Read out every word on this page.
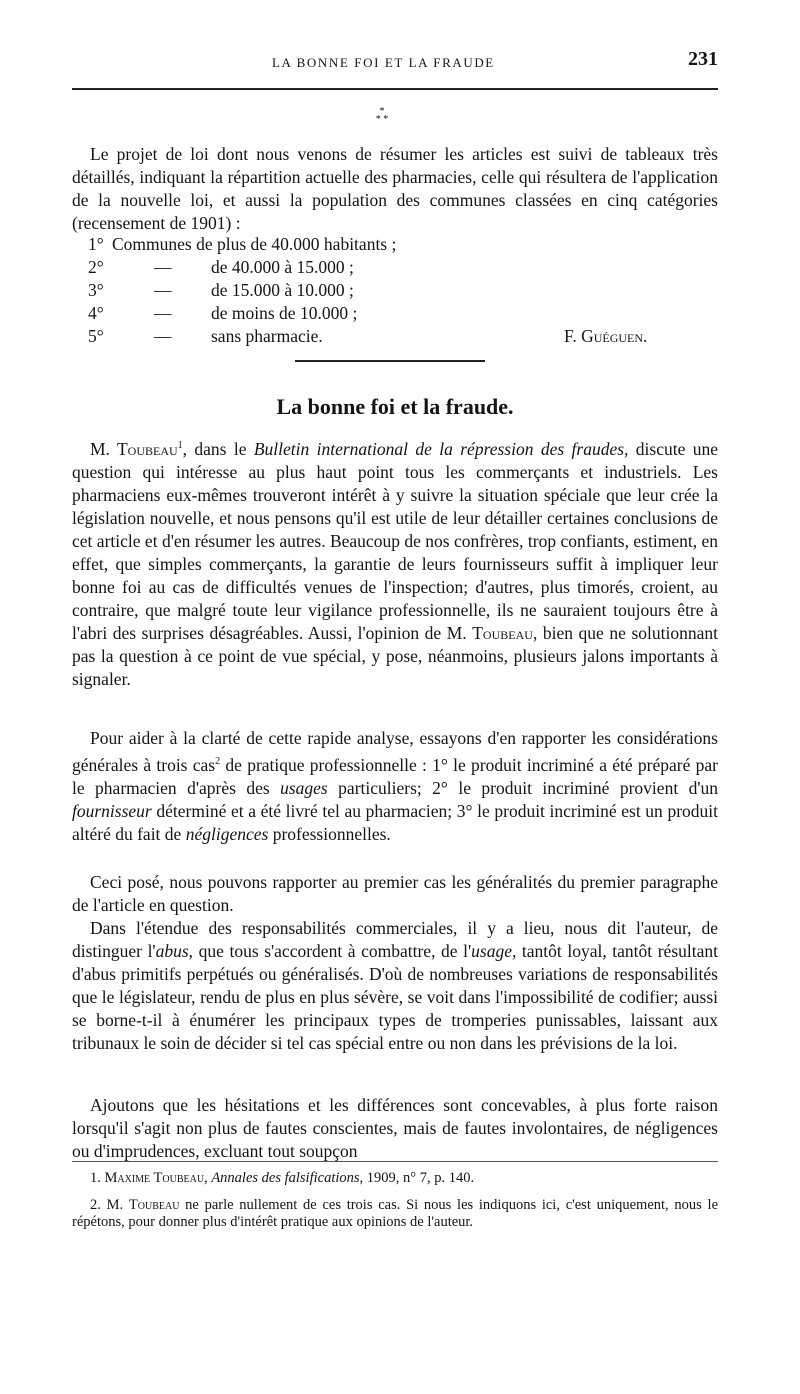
LA BONNE FOI ET LA FRAUDE	231
*
* *
Le projet de loi dont nous venons de résumer les articles est suivi de tableaux très détaillés, indiquant la répartition actuelle des pharmacies, celle qui résultera de l'application de la nouvelle loi, et aussi la population des communes classées en cinq catégories (recensement de 1901) :
1° Communes de plus de 40.000 habitants ;
2°	— de 40.000 à 15.000 ;
3°	— de 15.000 à 10.000 ;
4°	— de moins de 10.000 ;
5°	— sans pharmacie.	F. Guéguen.
La bonne foi et la fraude.
M. Toubeau$^1$, dans le Bulletin international de la répression des fraudes, discute une question qui intéresse au plus haut point tous les commerçants et industriels. Les pharmaciens eux-mêmes trouveront intérêt à y suivre la situation spéciale que leur crée la législation nouvelle, et nous pensons qu'il est utile de leur détailler certaines conclusions de cet article et d'en résumer les autres. Beaucoup de nos confrères, trop confiants, estiment, en effet, que simples commerçants, la garantie de leurs fournisseurs suffit à impliquer leur bonne foi au cas de difficultés venues de l'inspection; d'autres, plus timorés, croient, au contraire, que malgré toute leur vigilance professionnelle, ils ne sauraient toujours être à l'abri des surprises désagréables. Aussi, l'opinion de M. Toubeau, bien que ne solutionnant pas la question à ce point de vue spécial, y pose, néanmoins, plusieurs jalons importants à signaler.
Pour aider à la clarté de cette rapide analyse, essayons d'en rapporter les considérations générales à trois cas$^2$ de pratique professionnelle : 1° le produit incriminé a été préparé par le pharmacien d'après des usages particuliers; 2° le produit incriminé provient d'un fournisseur déterminé et a été livré tel au pharmacien; 3° le produit incriminé est un produit altéré du fait de négligences professionnelles.
Ceci posé, nous pouvons rapporter au premier cas les généralités du premier paragraphe de l'article en question.
Dans l'étendue des responsabilités commerciales, il y a lieu, nous dit l'auteur, de distinguer l'abus, que tous s'accordent à combattre, de l'usage, tantôt loyal, tantôt résultant d'abus primitifs perpétués ou généralisés. D'où de nombreuses variations de responsabilités que le législateur, rendu de plus en plus sévère, se voit dans l'impossibilité de codifier; aussi se borne-t-il à énumérer les principaux types de tromperies punissables, laissant aux tribunaux le soin de décider si tel cas spécial entre ou non dans les prévisions de la loi.
Ajoutons que les hésitations et les différences sont concevables, à plus forte raison lorsqu'il s'agit non plus de fautes conscientes, mais de fautes involontaires, de négligences ou d'imprudences, excluant tout soupçon
1. Maxime Toubeau, Annales des falsifications, 1909, n° 7, p. 140.
2. M. Toubeau ne parle nullement de ces trois cas. Si nous les indiquons ici, c'est uniquement, nous le répétons, pour donner plus d'intérêt pratique aux opinions de l'auteur.
